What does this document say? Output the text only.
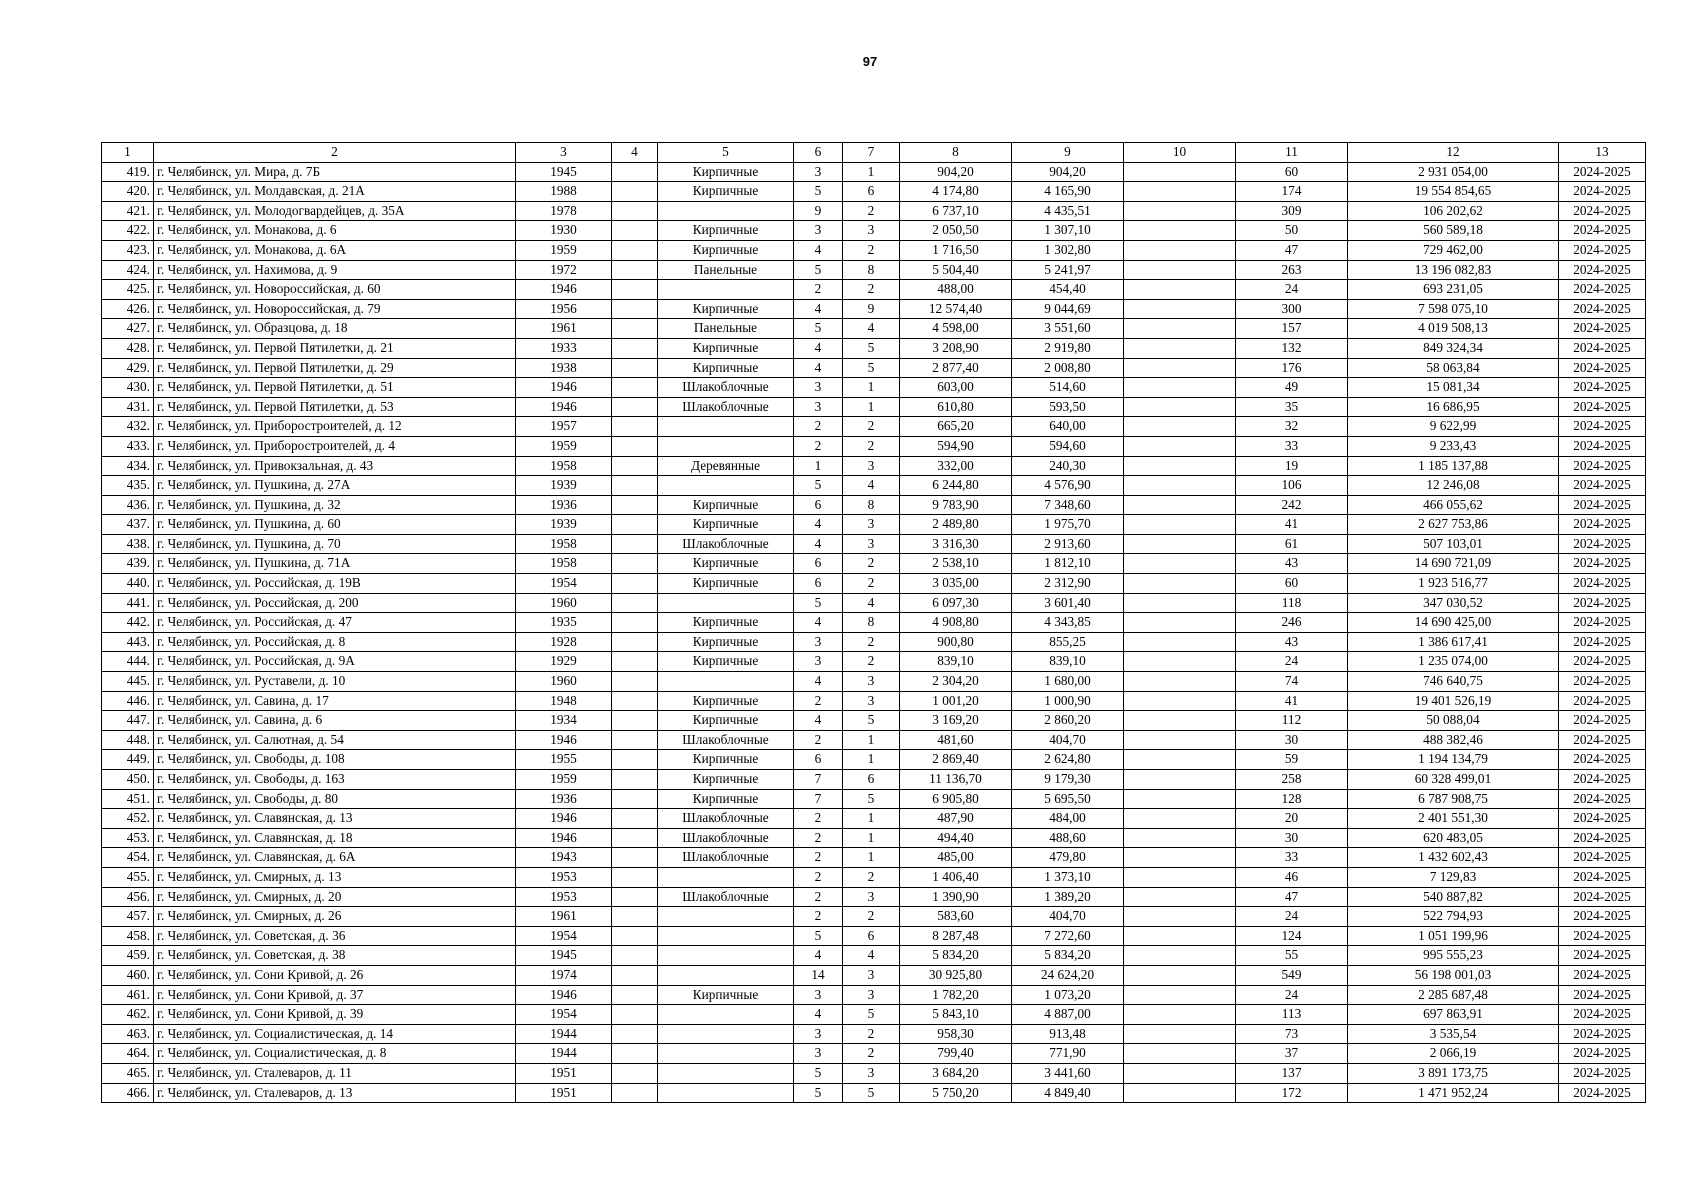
97
1	2	3	4	5	6	7	8	9	10	11	12	13
419.	г. Челябинск, ул. Мира, д. 7Б	1945		Кирпичные	3	1	904,20	904,20		60	2 931 054,00	2024-2025
420.	г. Челябинск, ул. Молдавская, д. 21А	1988		Кирпичные	5	6	4 174,80	4 165,90		174	19 554 854,65	2024-2025
421.	г. Челябинск, ул. Молодогвардейцев, д. 35А	1978			9	2	6 737,10	4 435,51		309	106 202,62	2024-2025
422.	г. Челябинск, ул. Монакова, д. 6	1930		Кирпичные	3	3	2 050,50	1 307,10		50	560 589,18	2024-2025
423.	г. Челябинск, ул. Монакова, д. 6А	1959		Кирпичные	4	2	1 716,50	1 302,80		47	729 462,00	2024-2025
424.	г. Челябинск, ул. Нахимова, д. 9	1972		Панельные	5	8	5 504,40	5 241,97		263	13 196 082,83	2024-2025
425.	г. Челябинск, ул. Новороссийская, д. 60	1946			2	2	488,00	454,40		24	693 231,05	2024-2025
426.	г. Челябинск, ул. Новороссийская, д. 79	1956		Кирпичные	4	9	12 574,40	9 044,69		300	7 598 075,10	2024-2025
427.	г. Челябинск, ул. Образцова, д. 18	1961		Панельные	5	4	4 598,00	3 551,60		157	4 019 508,13	2024-2025
428.	г. Челябинск, ул. Первой Пятилетки, д. 21	1933		Кирпичные	4	5	3 208,90	2 919,80		132	849 324,34	2024-2025
429.	г. Челябинск, ул. Первой Пятилетки, д. 29	1938		Кирпичные	4	5	2 877,40	2 008,80		176	58 063,84	2024-2025
430.	г. Челябинск, ул. Первой Пятилетки, д. 51	1946		Шлакоблочные	3	1	603,00	514,60		49	15 081,34	2024-2025
431.	г. Челябинск, ул. Первой Пятилетки, д. 53	1946		Шлакоблочные	3	1	610,80	593,50		35	16 686,95	2024-2025
432.	г. Челябинск, ул. Приборостроителей, д. 12	1957			2	2	665,20	640,00		32	9 622,99	2024-2025
433.	г. Челябинск, ул. Приборостроителей, д. 4	1959			2	2	594,90	594,60		33	9 233,43	2024-2025
434.	г. Челябинск, ул. Привокзальная, д. 43	1958		Деревянные	1	3	332,00	240,30		19	1 185 137,88	2024-2025
435.	г. Челябинск, ул. Пушкина, д. 27А	1939			5	4	6 244,80	4 576,90		106	12 246,08	2024-2025
436.	г. Челябинск, ул. Пушкина, д. 32	1936		Кирпичные	6	8	9 783,90	7 348,60		242	466 055,62	2024-2025
437.	г. Челябинск, ул. Пушкина, д. 60	1939		Кирпичные	4	3	2 489,80	1 975,70		41	2 627 753,86	2024-2025
438.	г. Челябинск, ул. Пушкина, д. 70	1958		Шлакоблочные	4	3	3 316,30	2 913,60		61	507 103,01	2024-2025
439.	г. Челябинск, ул. Пушкина, д. 71А	1958		Кирпичные	6	2	2 538,10	1 812,10		43	14 690 721,09	2024-2025
440.	г. Челябинск, ул. Российская, д. 19В	1954		Кирпичные	6	2	3 035,00	2 312,90		60	1 923 516,77	2024-2025
441.	г. Челябинск, ул. Российская, д. 200	1960			5	4	6 097,30	3 601,40		118	347 030,52	2024-2025
442.	г. Челябинск, ул. Российская, д. 47	1935		Кирпичные	4	8	4 908,80	4 343,85		246	14 690 425,00	2024-2025
443.	г. Челябинск, ул. Российская, д. 8	1928		Кирпичные	3	2	900,80	855,25		43	1 386 617,41	2024-2025
444.	г. Челябинск, ул. Российская, д. 9А	1929		Кирпичные	3	2	839,10	839,10		24	1 235 074,00	2024-2025
445.	г. Челябинск, ул. Руставели, д. 10	1960			4	3	2 304,20	1 680,00		74	746 640,75	2024-2025
446.	г. Челябинск, ул. Савина, д. 17	1948		Кирпичные	2	3	1 001,20	1 000,90		41	19 401 526,19	2024-2025
447.	г. Челябинск, ул. Савина, д. 6	1934		Кирпичные	4	5	3 169,20	2 860,20		112	50 088,04	2024-2025
448.	г. Челябинск, ул. Салютная, д. 54	1946		Шлакоблочные	2	1	481,60	404,70		30	488 382,46	2024-2025
449.	г. Челябинск, ул. Свободы, д. 108	1955		Кирпичные	6	1	2 869,40	2 624,80		59	1 194 134,79	2024-2025
450.	г. Челябинск, ул. Свободы, д. 163	1959		Кирпичные	7	6	11 136,70	9 179,30		258	60 328 499,01	2024-2025
451.	г. Челябинск, ул. Свободы, д. 80	1936		Кирпичные	7	5	6 905,80	5 695,50		128	6 787 908,75	2024-2025
452.	г. Челябинск, ул. Славянская, д. 13	1946		Шлакоблочные	2	1	487,90	484,00		20	2 401 551,30	2024-2025
453.	г. Челябинск, ул. Славянская, д. 18	1946		Шлакоблочные	2	1	494,40	488,60		30	620 483,05	2024-2025
454.	г. Челябинск, ул. Славянская, д. 6А	1943		Шлакоблочные	2	1	485,00	479,80		33	1 432 602,43	2024-2025
455.	г. Челябинск, ул. Смирных, д. 13	1953			2	2	1 406,40	1 373,10		46	7 129,83	2024-2025
456.	г. Челябинск, ул. Смирных, д. 20	1953		Шлакоблочные	2	3	1 390,90	1 389,20		47	540 887,82	2024-2025
457.	г. Челябинск, ул. Смирных, д. 26	1961			2	2	583,60	404,70		24	522 794,93	2024-2025
458.	г. Челябинск, ул. Советская, д. 36	1954			5	6	8 287,48	7 272,60		124	1 051 199,96	2024-2025
459.	г. Челябинск, ул. Советская, д. 38	1945			4	4	5 834,20	5 834,20		55	995 555,23	2024-2025
460.	г. Челябинск, ул. Сони Кривой, д. 26	1974			14	3	30 925,80	24 624,20		549	56 198 001,03	2024-2025
461.	г. Челябинск, ул. Сони Кривой, д. 37	1946		Кирпичные	3	3	1 782,20	1 073,20		24	2 285 687,48	2024-2025
462.	г. Челябинск, ул. Сони Кривой, д. 39	1954			4	5	5 843,10	4 887,00		113	697 863,91	2024-2025
463.	г. Челябинск, ул. Социалистическая, д. 14	1944			3	2	958,30	913,48		73	3 535,54	2024-2025
464.	г. Челябинск, ул. Социалистическая, д. 8	1944			3	2	799,40	771,90		37	2 066,19	2024-2025
465.	г. Челябинск, ул. Сталеваров, д. 11	1951			5	3	3 684,20	3 441,60		137	3 891 173,75	2024-2025
466.	г. Челябинск, ул. Сталеваров, д. 13	1951			5	5	5 750,20	4 849,40		172	1 471 952,24	2024-2025
